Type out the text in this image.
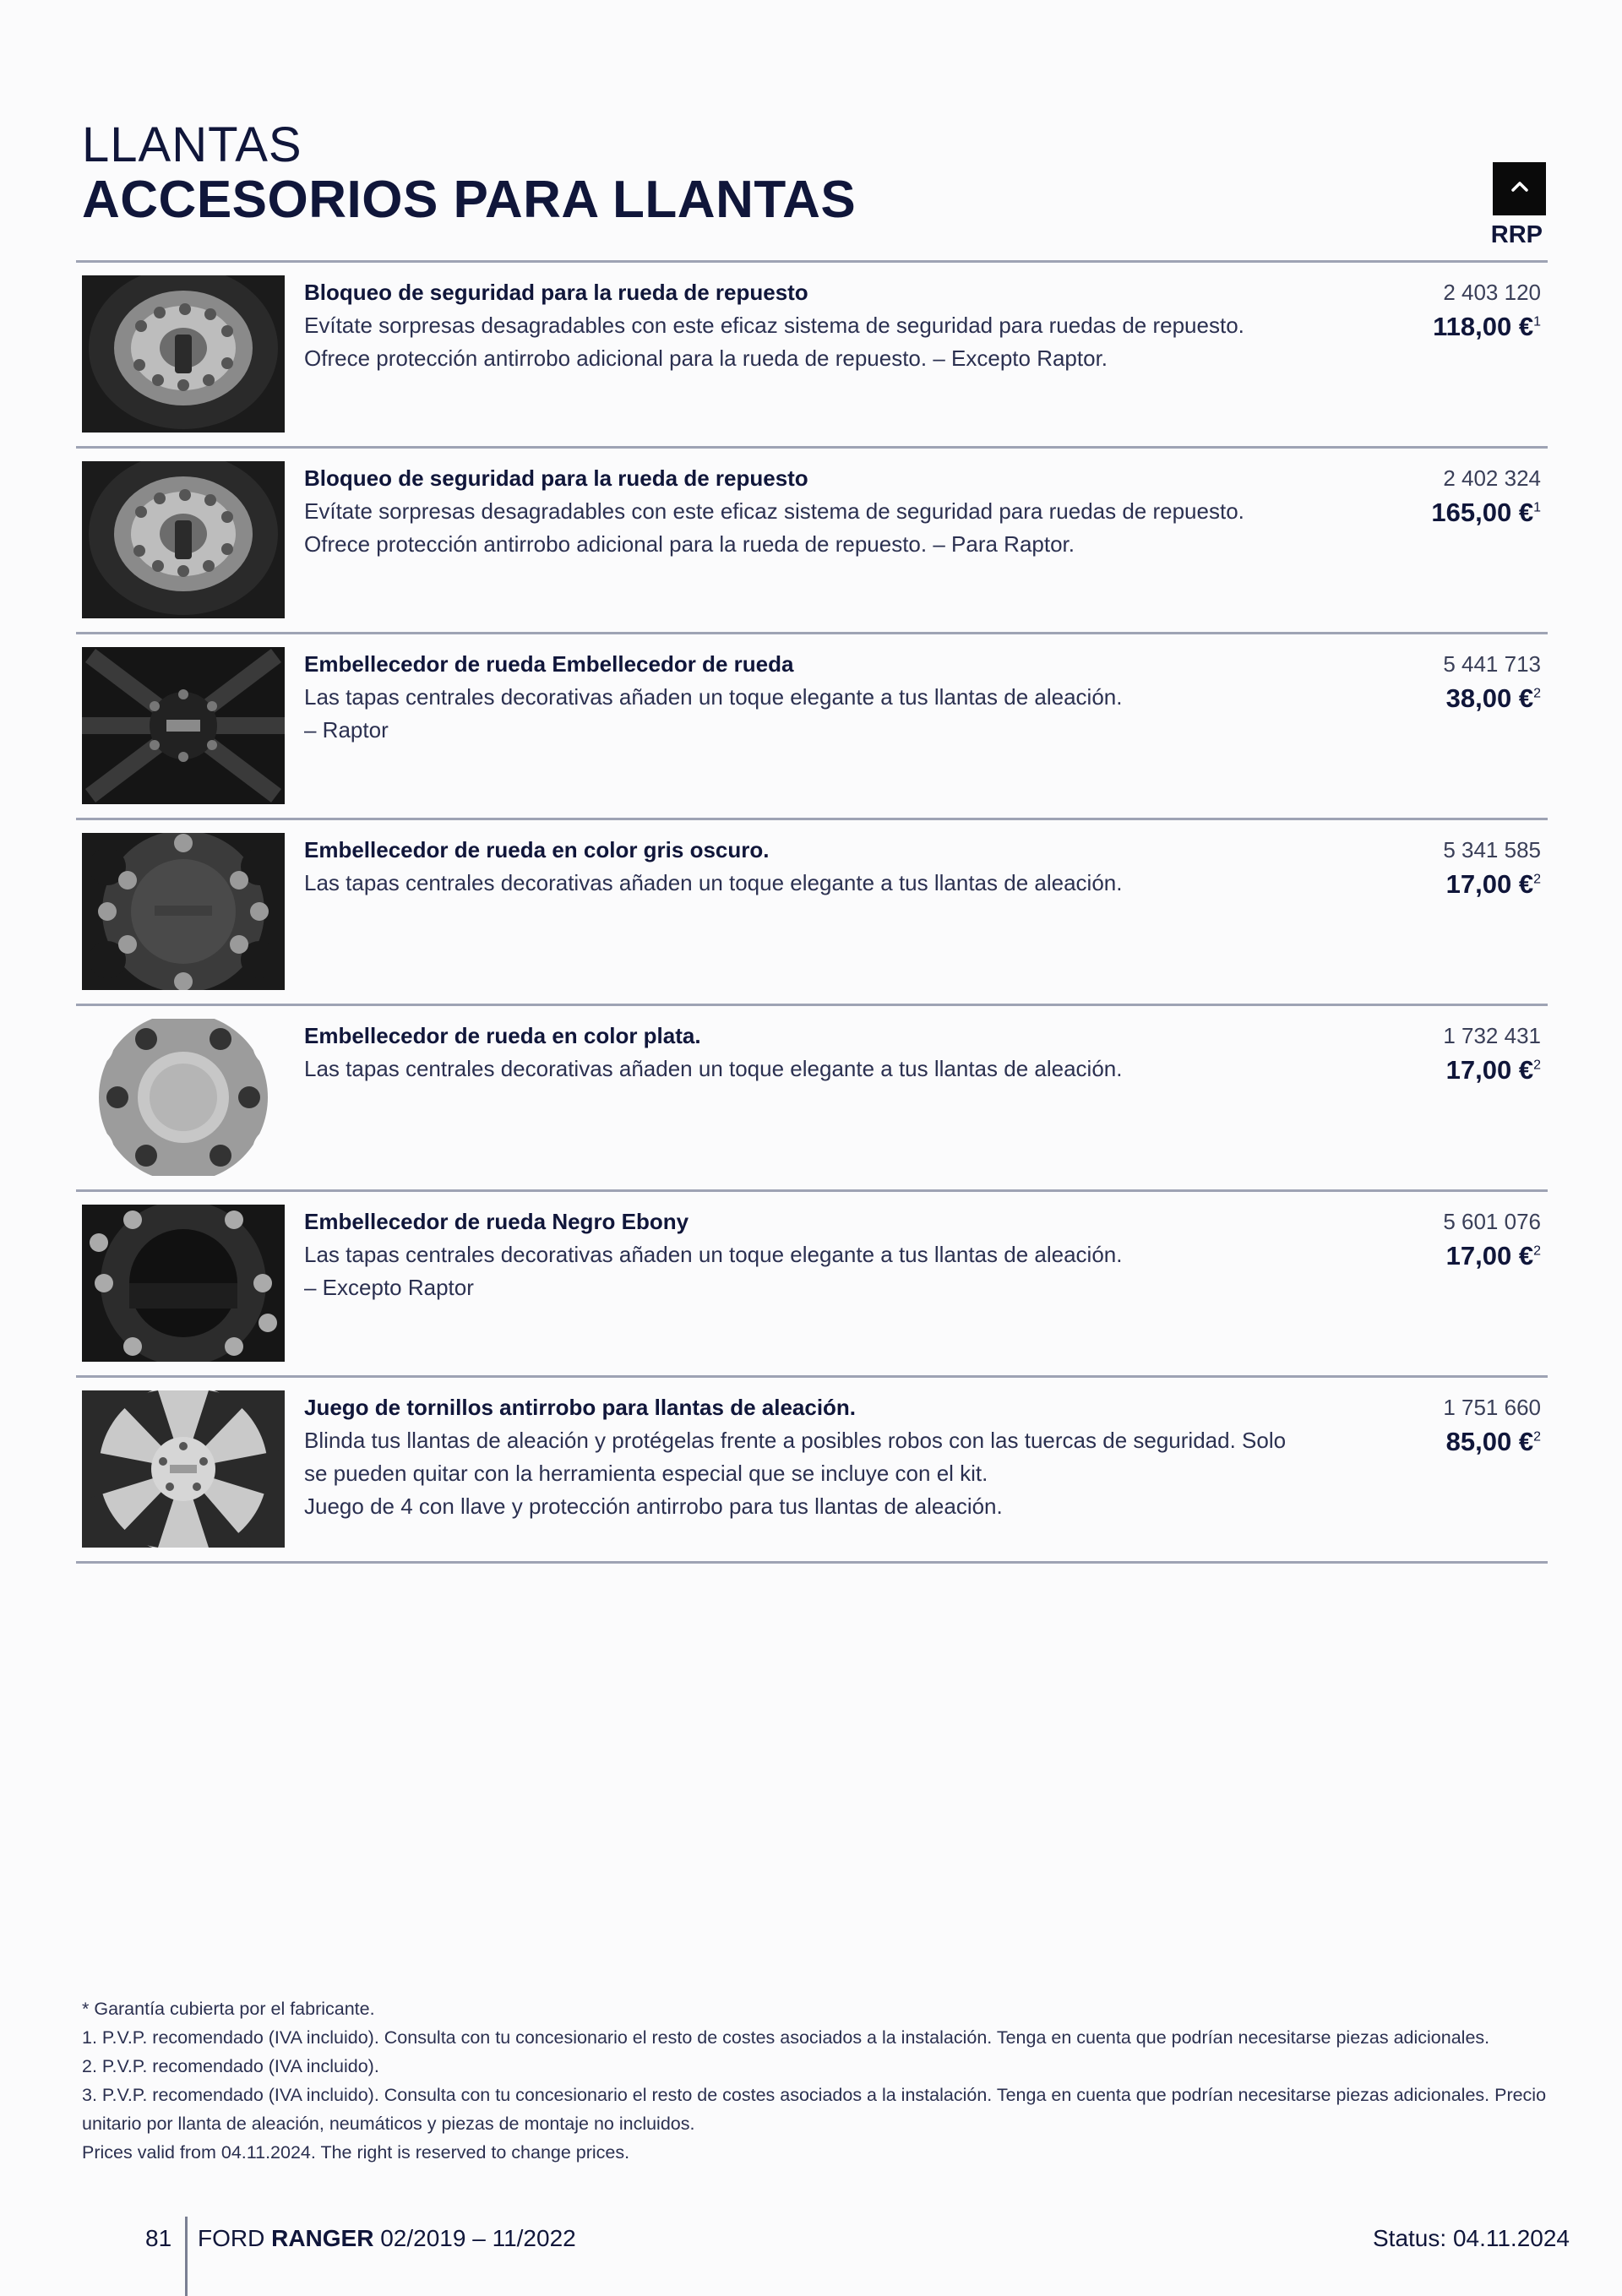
LLANTAS
ACCESORIOS PARA LLANTAS
RRP
Bloqueo de seguridad para la rueda de repuesto
Evítate sorpresas desagradables con este eficaz sistema de seguridad para ruedas de repuesto.
Ofrece protección antirrobo adicional para la rueda de repuesto. – Excepto Raptor.
2 403 120
118,00 €$^1$
Bloqueo de seguridad para la rueda de repuesto
Evítate sorpresas desagradables con este eficaz sistema de seguridad para ruedas de repuesto.
Ofrece protección antirrobo adicional para la rueda de repuesto. – Para Raptor.
2 402 324
165,00 €$^1$
Embellecedor de rueda Embellecedor de rueda
Las tapas centrales decorativas añaden un toque elegante a tus llantas de aleación.
– Raptor
5 441 713
38,00 €$^2$
Embellecedor de rueda en color gris oscuro.
Las tapas centrales decorativas añaden un toque elegante a tus llantas de aleación.
5 341 585
17,00 €$^2$
Embellecedor de rueda en color plata.
Las tapas centrales decorativas añaden un toque elegante a tus llantas de aleación.
1 732 431
17,00 €$^2$
Embellecedor de rueda Negro Ebony
Las tapas centrales decorativas añaden un toque elegante a tus llantas de aleación.
– Excepto Raptor
5 601 076
17,00 €$^2$
Juego de tornillos antirrobo para llantas de aleación.
Blinda tus llantas de aleación y protégelas frente a posibles robos con las tuercas de seguridad. Solo se pueden quitar con la herramienta especial que se incluye con el kit.
Juego de 4 con llave y protección antirrobo para tus llantas de aleación.
1 751 660
85,00 €$^2$
* Garantía cubierta por el fabricante.
1. P.V.P. recomendado (IVA incluido). Consulta con tu concesionario el resto de costes asociados a la instalación. Tenga en cuenta que podrían necesitarse piezas adicionales.
2. P.V.P. recomendado (IVA incluido).
3. P.V.P. recomendado (IVA incluido). Consulta con tu concesionario el resto de costes asociados a la instalación. Tenga en cuenta que podrían necesitarse piezas adicionales. Precio unitario por llanta de aleación, neumáticos y piezas de montaje no incluidos.
Prices valid from 04.11.2024. The right is reserved to change prices.
81 FORD RANGER 02/2019 – 11/2022	Status: 04.11.2024
